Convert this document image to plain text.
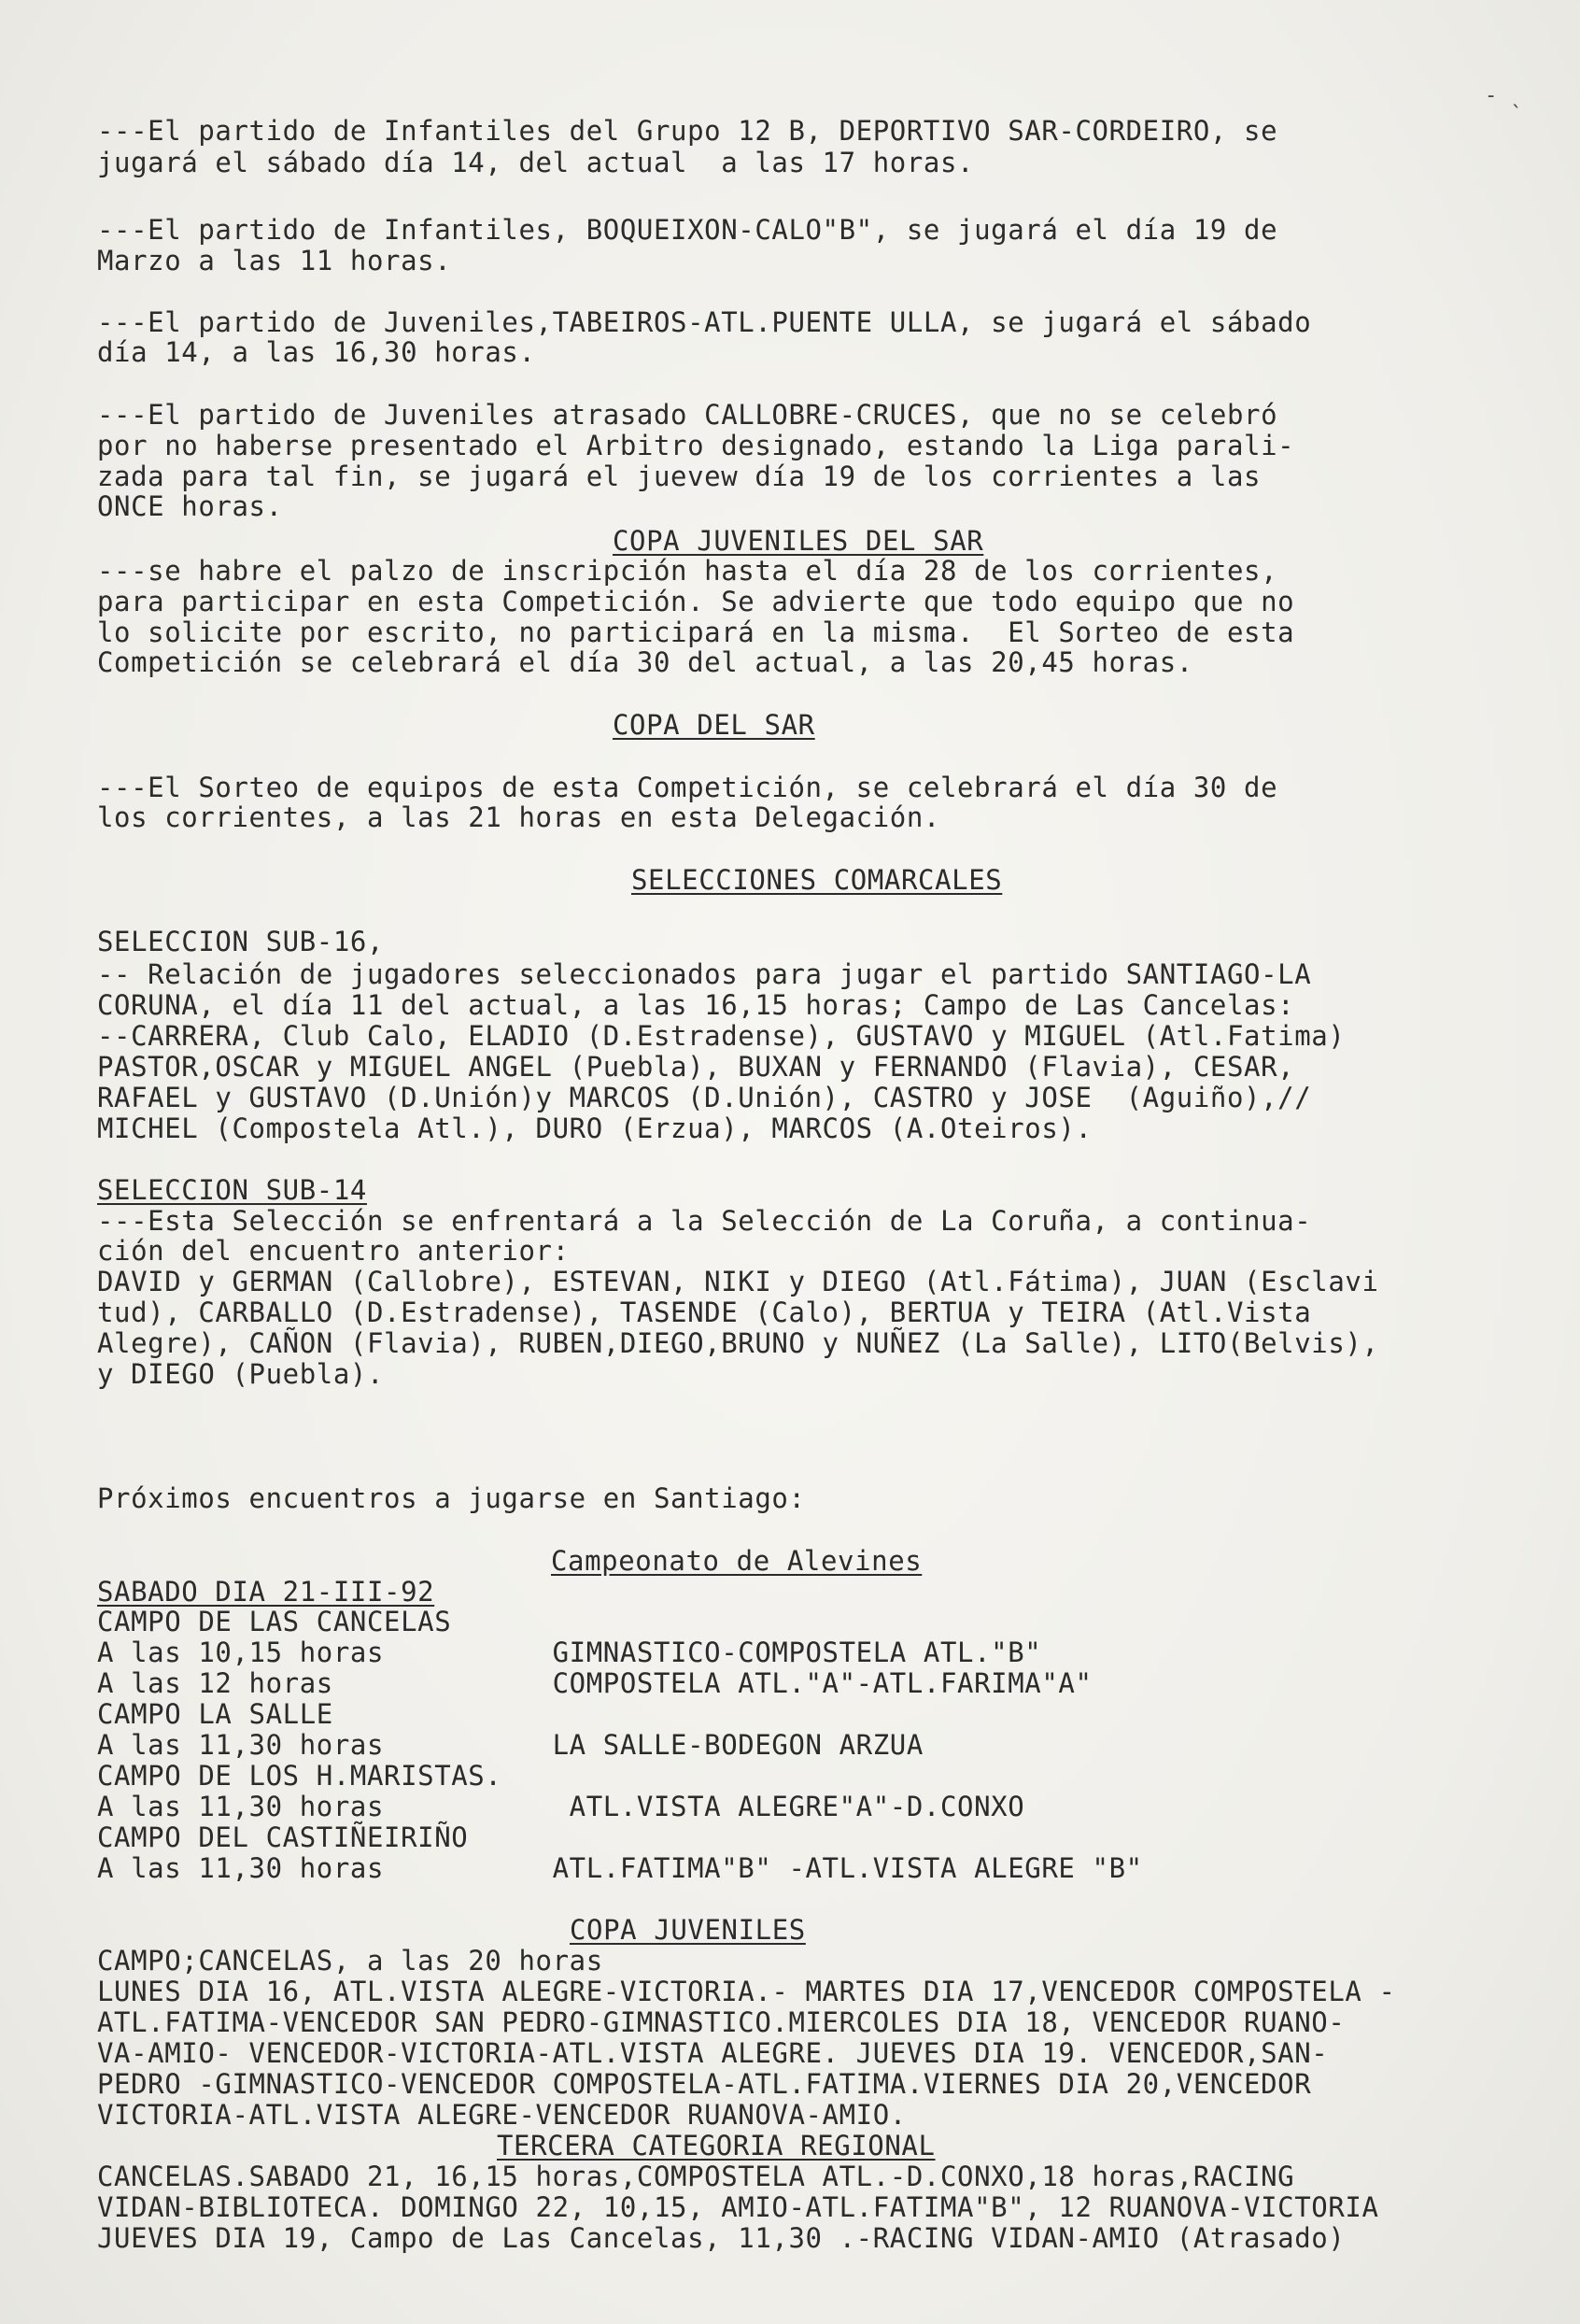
- ˎ
---El partido de Infantiles del Grupo 12 B, DEPORTIVO SAR-CORDEIRO, se
jugará el sábado día 14, del actual  a las 17 horas.
---El partido de Infantiles, BOQUEIXON-CALO"B", se jugará el día 19 de
Marzo a las 11 horas.
---El partido de Juveniles,TABEIROS-ATL.PUENTE ULLA, se jugará el sábado
día 14, a las 16,30 horas.
---El partido de Juveniles atrasado CALLOBRE-CRUCES, que no se celebró
por no haberse presentado el Arbitro designado, estando la Liga parali-
zada para tal fin, se jugará el juevew día 19 de los corrientes a las
ONCE horas.
COPA JUVENILES DEL SAR
---se habre el palzo de inscripción hasta el día 28 de los corrientes,
para participar en esta Competición. Se advierte que todo equipo que no
lo solicite por escrito, no participará en la misma.  El Sorteo de esta
Competición se celebrará el día 30 del actual, a las 20,45 horas.
COPA DEL SAR
---El Sorteo de equipos de esta Competición, se celebrará el día 30 de
los corrientes, a las 21 horas en esta Delegación.
SELECCIONES COMARCALES
SELECCION SUB-16,
-- Relación de jugadores seleccionados para jugar el partido SANTIAGO-LA
CORUNA, el día 11 del actual, a las 16,15 horas; Campo de Las Cancelas:
--CARRERA, Club Calo, ELADIO (D.Estradense), GUSTAVO y MIGUEL (Atl.Fatima)
PASTOR,OSCAR y MIGUEL ANGEL (Puebla), BUXAN y FERNANDO (Flavia), CESAR,
RAFAEL y GUSTAVO (D.Unión)y MARCOS (D.Unión), CASTRO y JOSE  (Aguiño),//
MICHEL (Compostela Atl.), DURO (Erzua), MARCOS (A.Oteiros).
SELECCION SUB-14
---Esta Selección se enfrentará a la Selección de La Coruña, a continua-
ción del encuentro anterior:
DAVID y GERMAN (Callobre), ESTEVAN, NIKI y DIEGO (Atl.Fátima), JUAN (Esclavi
tud), CARBALLO (D.Estradense), TASENDE (Calo), BERTUA y TEIRA (Atl.Vista
Alegre), CAÑON (Flavia), RUBEN,DIEGO,BRUNO y NUÑEZ (La Salle), LITO(Belvis),
y DIEGO (Puebla).
Próximos encuentros a jugarse en Santiago:
Campeonato de Alevines
SABADO DIA 21-III-92
CAMPO DE LAS CANCELAS
A las 10,15 horas          GIMNASTICO-COMPOSTELA ATL."B"
A las 12 horas             COMPOSTELA ATL."A"-ATL.FARIMA"A"
CAMPO LA SALLE
A las 11,30 horas          LA SALLE-BODEGON ARZUA
CAMPO DE LOS H.MARISTAS.
A las 11,30 horas           ATL.VISTA ALEGRE"A"-D.CONXO
CAMPO DEL CASTIÑEIRIÑO
A las 11,30 horas          ATL.FATIMA"B" -ATL.VISTA ALEGRE "B"
COPA JUVENILES
CAMPO;CANCELAS, a las 20 horas
LUNES DIA 16, ATL.VISTA ALEGRE-VICTORIA.- MARTES DIA 17,VENCEDOR COMPOSTELA -
ATL.FATIMA-VENCEDOR SAN PEDRO-GIMNASTICO.MIERCOLES DIA 18, VENCEDOR RUANO-
VA-AMIO- VENCEDOR-VICTORIA-ATL.VISTA ALEGRE. JUEVES DIA 19. VENCEDOR,SAN-
PEDRO -GIMNASTICO-VENCEDOR COMPOSTELA-ATL.FATIMA.VIERNES DIA 20,VENCEDOR
VICTORIA-ATL.VISTA ALEGRE-VENCEDOR RUANOVA-AMIO.
TERCERA CATEGORIA REGIONAL
CANCELAS.SABADO 21, 16,15 horas,COMPOSTELA ATL.-D.CONXO,18 horas,RACING
VIDAN-BIBLIOTECA. DOMINGO 22, 10,15, AMIO-ATL.FATIMA"B", 12 RUANOVA-VICTORIA
JUEVES DIA 19, Campo de Las Cancelas, 11,30 .-RACING VIDAN-AMIO (Atrasado)
